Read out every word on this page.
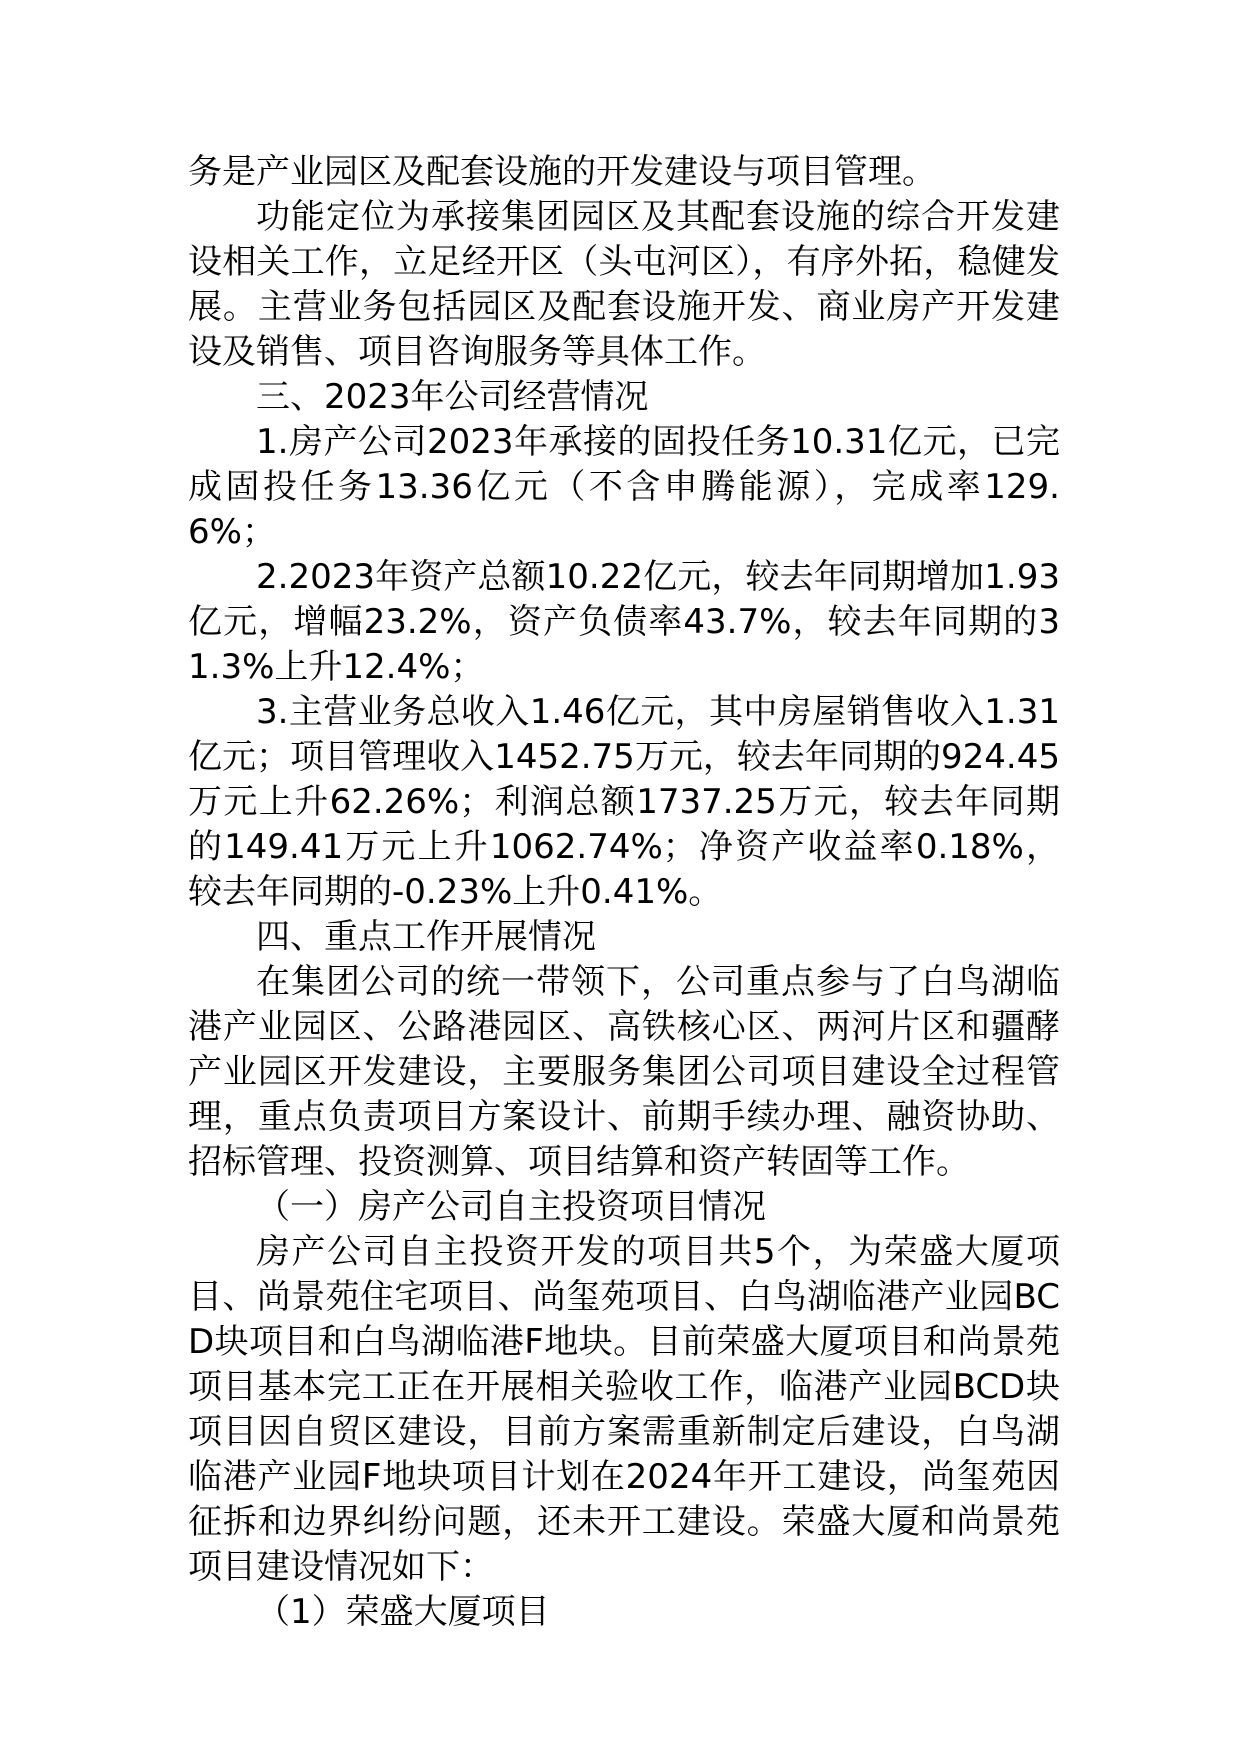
务是产业园区及配套设施的开发建设与项目管理。

功能定位为承接集团园区及其配套设施的综合开发建设相关工作，立足经开区（头屯河区），有序外拓，稳健发展。主营业务包括园区及配套设施开发、商业房产开发建设及销售、项目咨询服务等具体工作。

三、2023年公司经营情况

1.房产公司2023年承接的固投任务10.31亿元，已完成固投任务13.36亿元（不含申腾能源），完成率129.6%；

2.2023年资产总额10.22亿元，较去年同期增加1.93亿元，增幅23.2%，资产负债率43.7%，较去年同期的31.3%上升12.4%；

3.主营业务总收入1.46亿元，其中房屋销售收入1.31亿元；项目管理收入1452.75万元，较去年同期的924.45万元上升62.26%；利润总额1737.25万元，较去年同期的149.41万元上升1062.74%；净资产收益率0.18%，较去年同期的-0.23%上升0.41%。

四、重点工作开展情况

在集团公司的统一带领下，公司重点参与了白鸟湖临港产业园区、公路港园区、高铁核心区、两河片区和疆酵产业园区开发建设，主要服务集团公司项目建设全过程管理，重点负责项目方案设计、前期手续办理、融资协助、招标管理、投资测算、项目结算和资产转固等工作。

（一）房产公司自主投资项目情况

房产公司自主投资开发的项目共5个，为荣盛大厦项目、尚景苑住宅项目、尚玺苑项目、白鸟湖临港产业园BCD块项目和白鸟湖临港F地块。目前荣盛大厦项目和尚景苑项目基本完工正在开展相关验收工作，临港产业园BCD块项目因自贸区建设，目前方案需重新制定后建设，白鸟湖临港产业园F地块项目计划在2024年开工建设，尚玺苑因征拆和边界纠纷问题，还未开工建设。荣盛大厦和尚景苑项目建设情况如下：

（1）荣盛大厦项目
